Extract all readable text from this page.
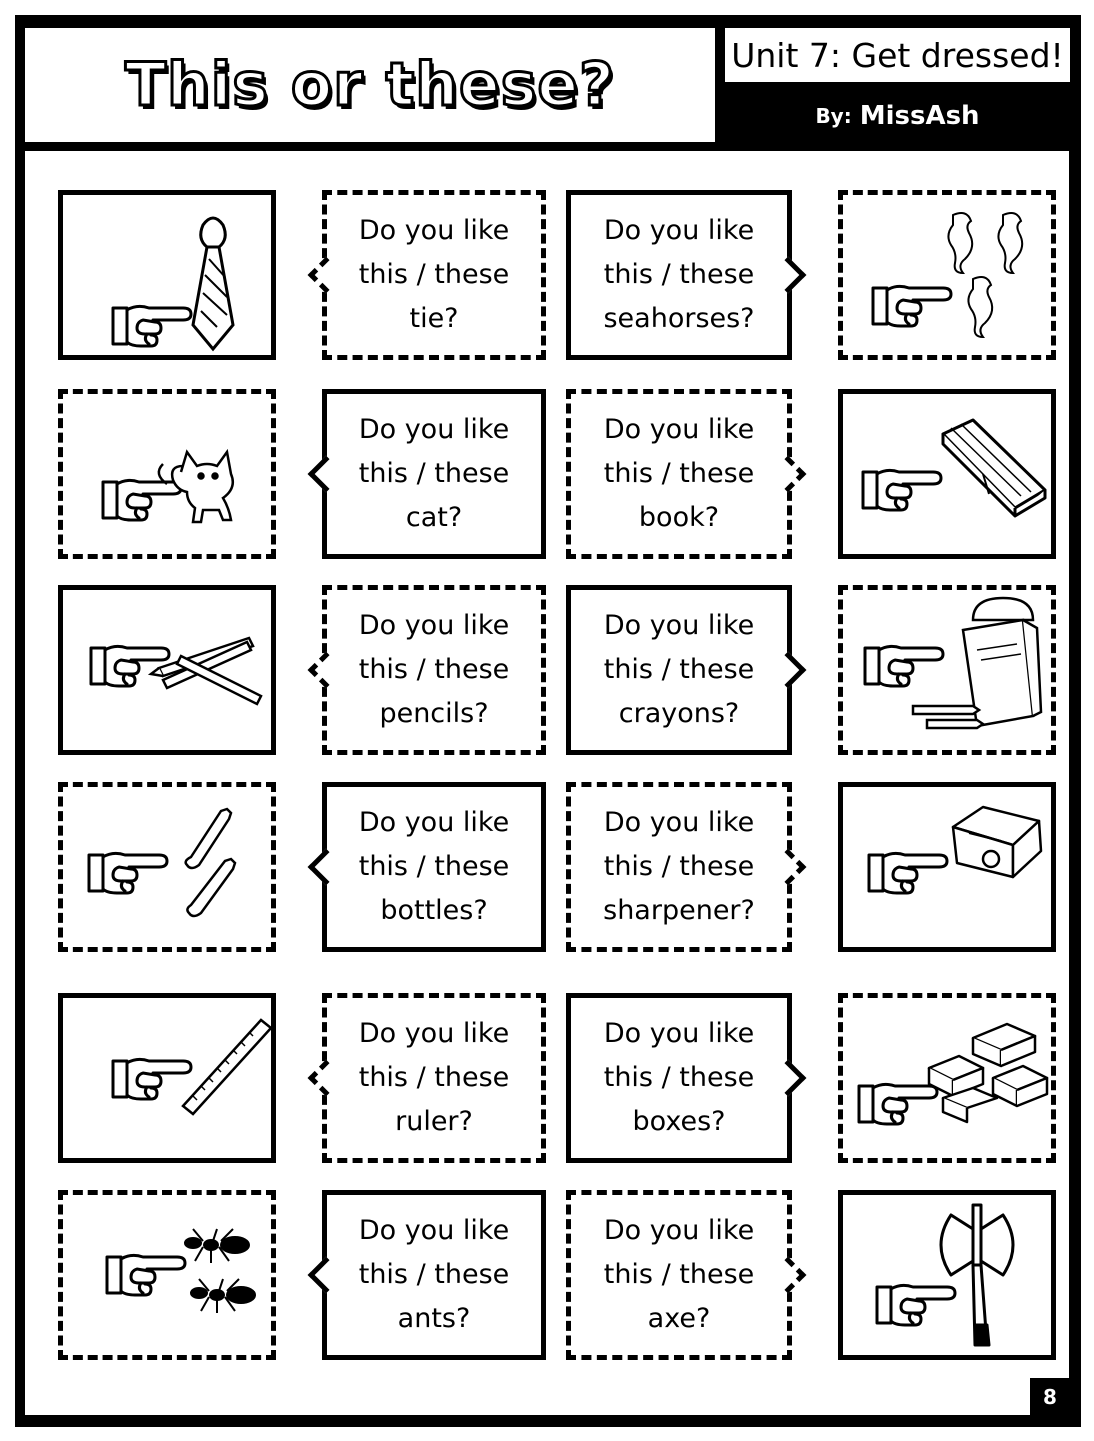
This or these?	Unit 7: Get dressed!
By: MissAsh
8
Do you like
this / these
tie?
Do you like
this / these
seahorses?
Do you like
this / these
cat?
Do you like
this / these
book?
Do you like
this / these
pencils?
Do you like
this / these
crayons?
Do you like
this / these
bottles?
Do you like
this / these
sharpener?
Do you like
this / these
ruler?
Do you like
this / these
boxes?
Do you like
this / these
ants?
Do you like
this / these
axe?
